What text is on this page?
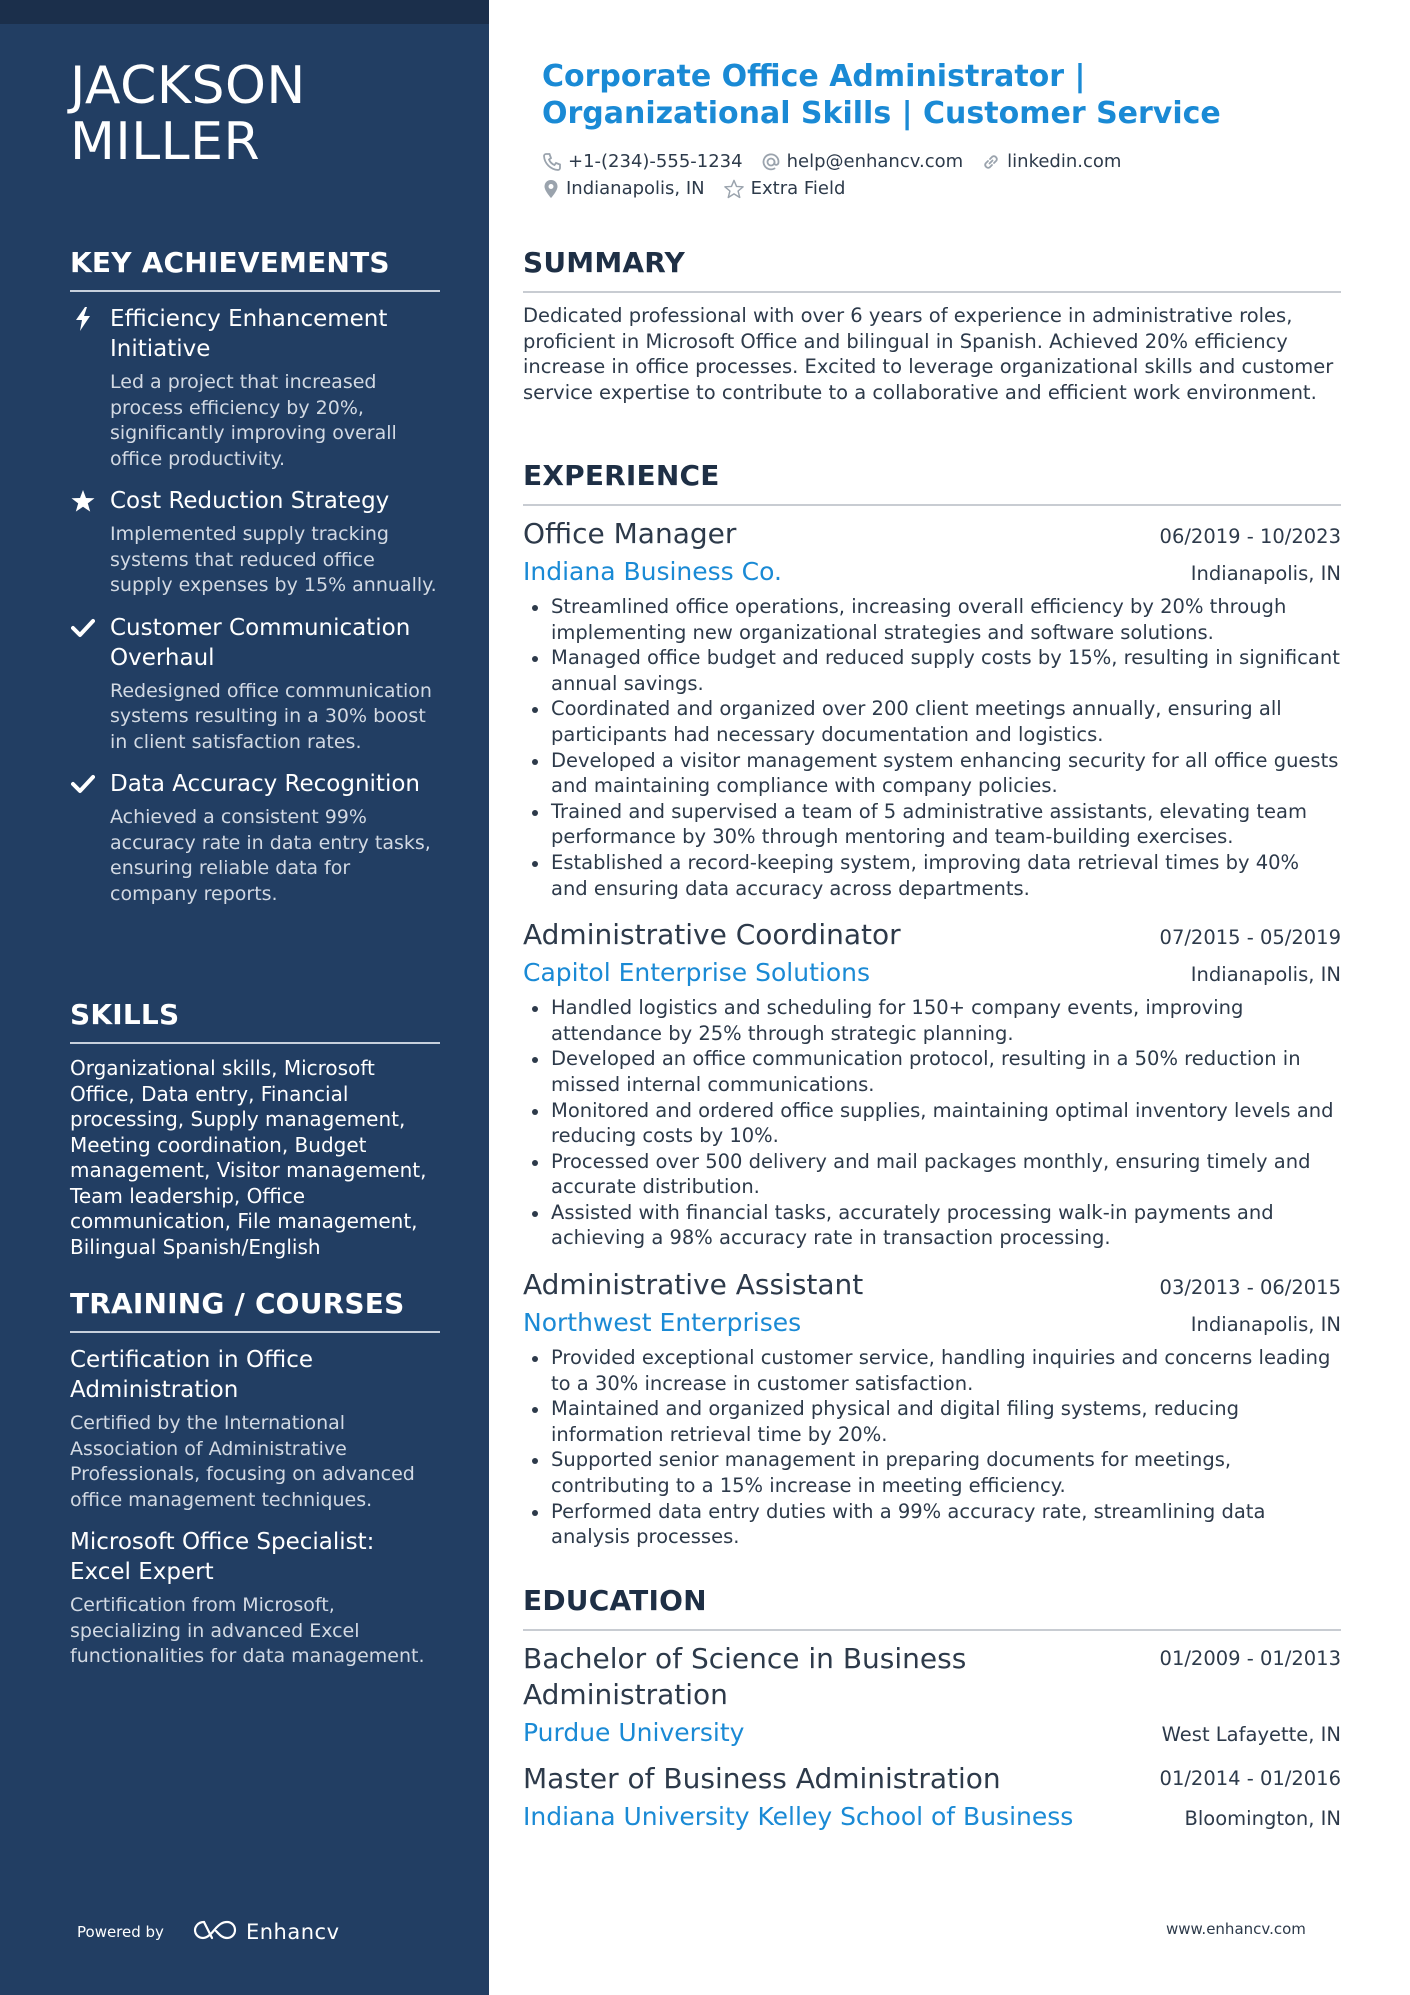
JACKSON
MILLER
KEY ACHIEVEMENTS
Efficiency Enhancement Initiative
Led a project that increased process efficiency by 20%, significantly improving overall office productivity.
Cost Reduction Strategy
Implemented supply tracking systems that reduced office supply expenses by 15% annually.
Customer Communication Overhaul
Redesigned office communication systems resulting in a 30% boost in client satisfaction rates.
Data Accuracy Recognition
Achieved a consistent 99% accuracy rate in data entry tasks, ensuring reliable data for company reports.
SKILLS
Organizational skills, Microsoft Office, Data entry, Financial processing, Supply management, Meeting coordination, Budget management, Visitor management, Team leadership, Office communication, File management, Bilingual Spanish/English
TRAINING / COURSES
Certification in Office Administration
Certified by the International Association of Administrative Professionals, focusing on advanced office management techniques.
Microsoft Office Specialist: Excel Expert
Certification from Microsoft, specializing in advanced Excel functionalities for data management.
Powered by	Enhancv
Corporate Office Administrator | Organizational Skills | Customer Service
+1-(234)-555-1234 help@enhancv.com linkedin.com
Indianapolis, IN	Extra Field
SUMMARY

Dedicated professional with over 6 years of experience in administrative roles, proficient in Microsoft Office and bilingual in Spanish. Achieved 20% efficiency increase in office processes. Excited to leverage organizational skills and customer service expertise to contribute to a collaborative and efficient work environment.

EXPERIENCE
Office Manager	06/2019 - 10/2023
Indiana Business Co.	Indianapolis, IN
Streamlined office operations, increasing overall efficiency by 20% through implementing new organizational strategies and software solutions.
Managed office budget and reduced supply costs by 15%, resulting in significant annual savings.
Coordinated and organized over 200 client meetings annually, ensuring all participants had necessary documentation and logistics.
Developed a visitor management system enhancing security for all office guests and maintaining compliance with company policies.
Trained and supervised a team of 5 administrative assistants, elevating team performance by 30% through mentoring and team-building exercises.
Established a record-keeping system, improving data retrieval times by 40% and ensuring data accuracy across departments.
Administrative Coordinator	07/2015 - 05/2019
Capitol Enterprise Solutions	Indianapolis, IN
Handled logistics and scheduling for 150+ company events, improving attendance by 25% through strategic planning.
Developed an office communication protocol, resulting in a 50% reduction in missed internal communications.
Monitored and ordered office supplies, maintaining optimal inventory levels and reducing costs by 10%.
Processed over 500 delivery and mail packages monthly, ensuring timely and accurate distribution.
Assisted with financial tasks, accurately processing walk-in payments and achieving a 98% accuracy rate in transaction processing.
Administrative Assistant	03/2013 - 06/2015
Northwest Enterprises	Indianapolis, IN
Provided exceptional customer service, handling inquiries and concerns leading to a 30% increase in customer satisfaction.
Maintained and organized physical and digital filing systems, reducing information retrieval time by 20%.
Supported senior management in preparing documents for meetings, contributing to a 15% increase in meeting efficiency.
Performed data entry duties with a 99% accuracy rate, streamlining data analysis processes.
EDUCATION
Bachelor of Science in Business Administration
01/2009 - 01/2013
Purdue University	West Lafayette, IN
Master of Business Administration	01/2014 - 01/2016
Indiana University Kelley School of Business	Bloomington, IN
www.enhancv.com
